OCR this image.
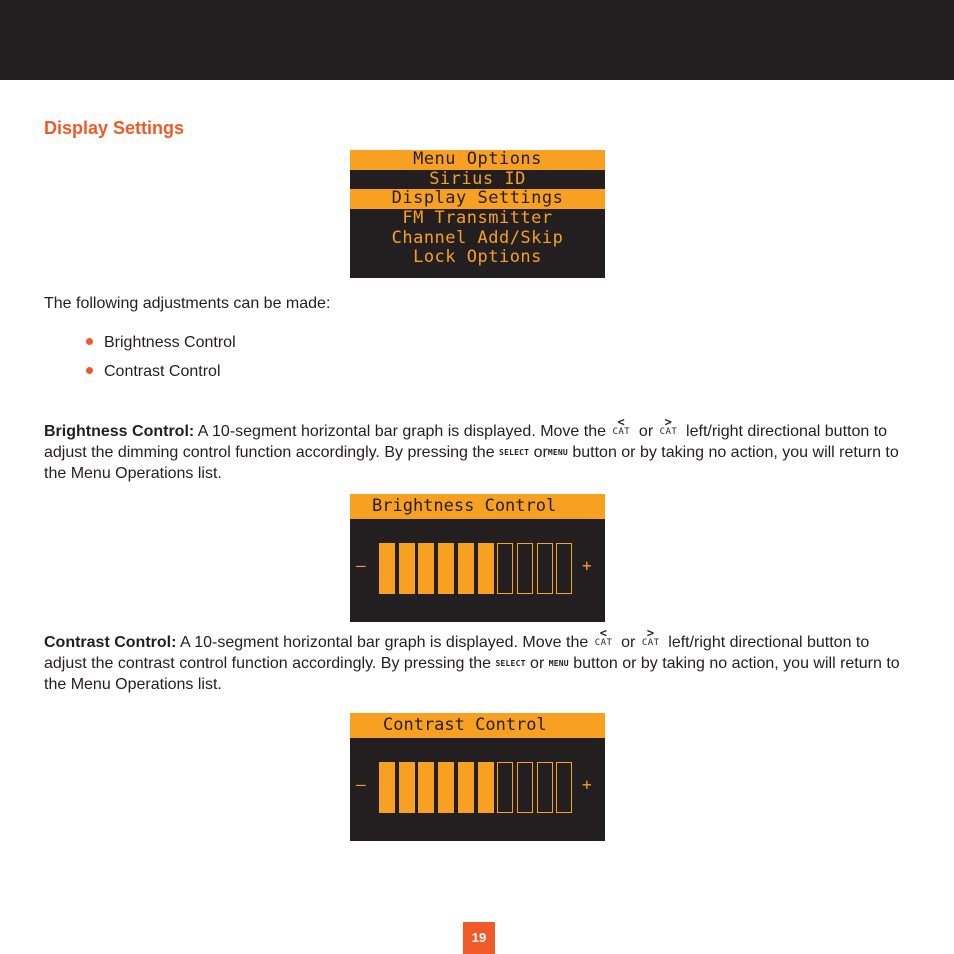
Display Settings
Menu Options
Sirius ID
Display Settings
FM Transmitter
Channel Add/Skip
Lock Options

The following adjustments can be made:

Brightness Control
Contrast Control

Brightness Control: A 10-segment horizontal bar graph is displayed. Move the
<
CAT or
>
CAT left/right directional button to adjust the dimming control function accordingly. By pressing the SELECT orMENU button or by taking no action, you will return to the Menu Operations list.

Brightness Control
—	+

Contrast Control: A 10-segment horizontal bar graph is displayed. Move the
<
CAT or
>
CAT left/right directional button to adjust the contrast control function accordingly. By pressing the SELECT or MENU button or by taking no action, you will return to the Menu Operations list.

Contrast Control
—	+
19
